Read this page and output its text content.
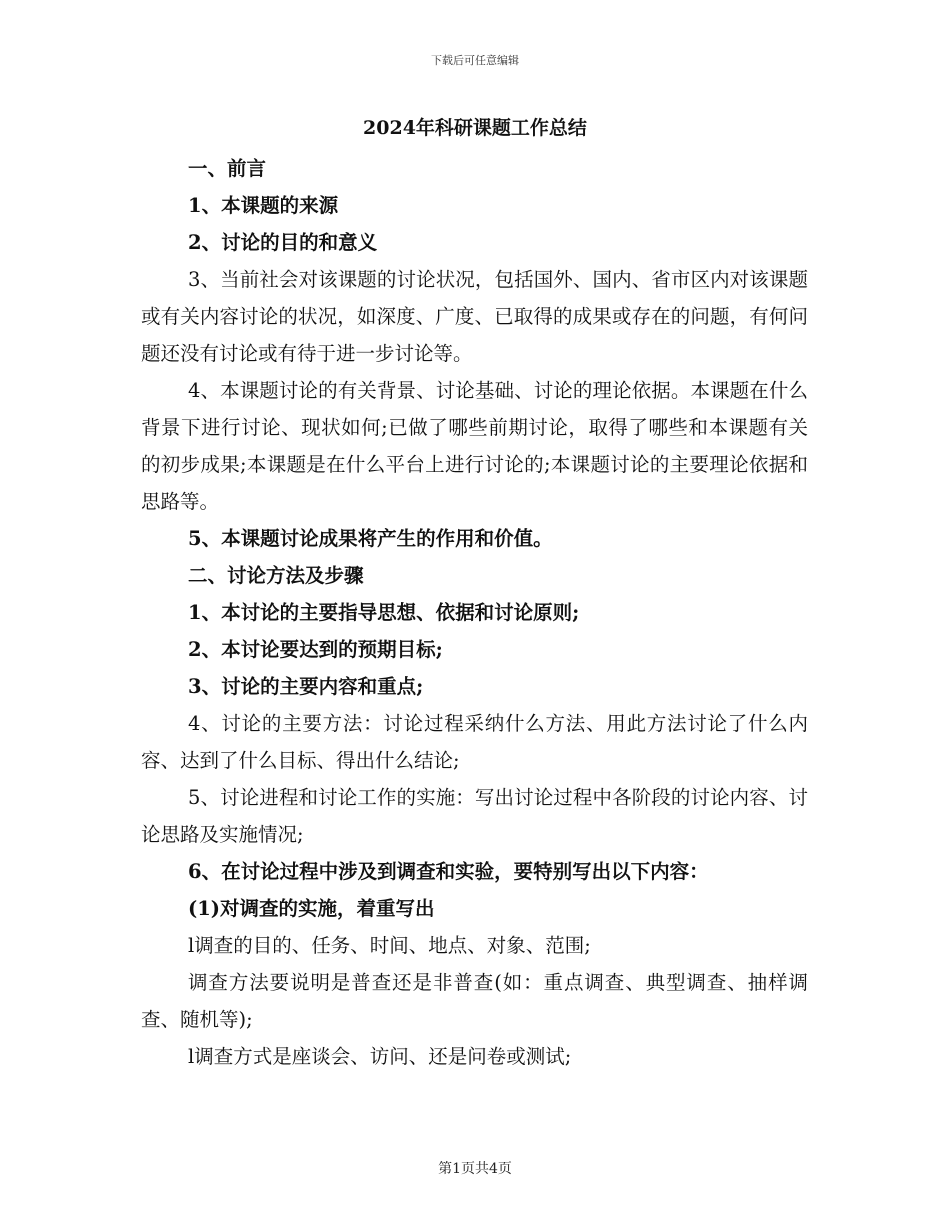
下载后可任意编辑
2024年科研课题工作总结

一、前言

1、本课题的来源

2、讨论的目的和意义

3、当前社会对该课题的讨论状况，包括国外、国内、省市区内对该课题或有关内容讨论的状况，如深度、广度、已取得的成果或存在的问题，有何问题还没有讨论或有待于进一步讨论等。

4、本课题讨论的有关背景、讨论基础、讨论的理论依据。本课题在什么背景下进行讨论、现状如何;已做了哪些前期讨论，取得了哪些和本课题有关的初步成果;本课题是在什么平台上进行讨论的;本课题讨论的主要理论依据和思路等。

5、本课题讨论成果将产生的作用和价值。

二、讨论方法及步骤

1、本讨论的主要指导思想、依据和讨论原则;

2、本讨论要达到的预期目标;

3、讨论的主要内容和重点;

4、讨论的主要方法：讨论过程采纳什么方法、用此方法讨论了什么内容、达到了什么目标、得出什么结论;

5、讨论进程和讨论工作的实施：写出讨论过程中各阶段的讨论内容、讨论思路及实施情况;

6、在讨论过程中涉及到调查和实验，要特别写出以下内容：

(1)对调查的实施，着重写出

l调查的目的、任务、时间、地点、对象、范围;

调查方法要说明是普查还是非普查(如：重点调查、典型调查、抽样调查、随机等);

l调查方式是座谈会、访问、还是问卷或测试;

第1页共4页
